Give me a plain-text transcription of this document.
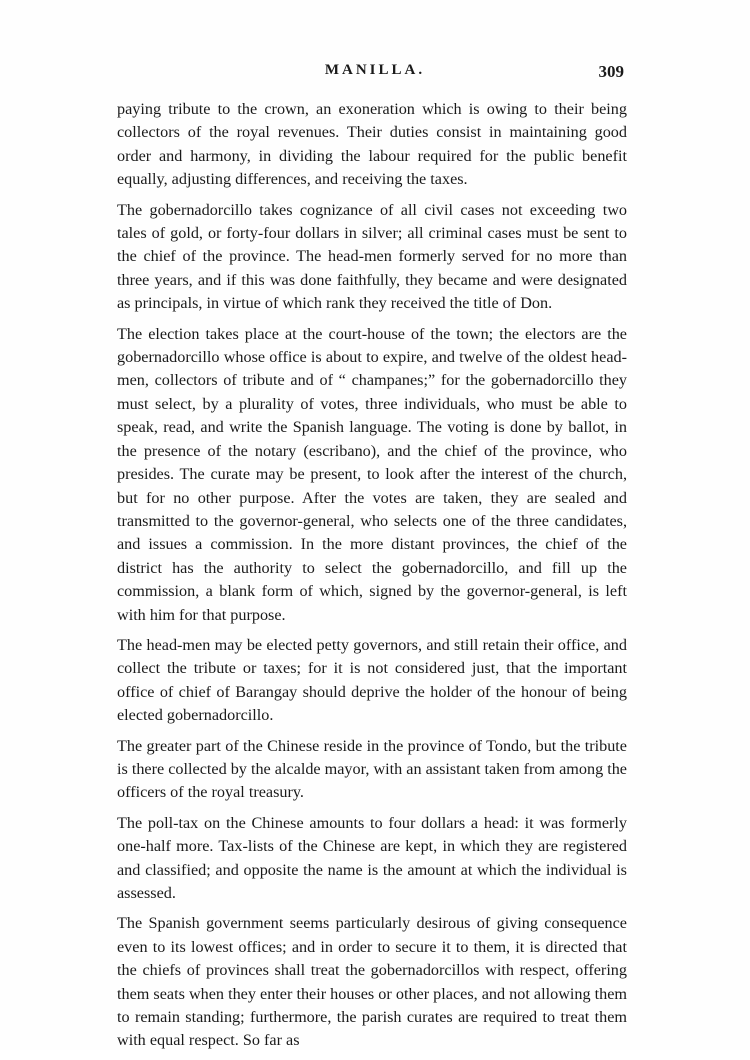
MANILLA.	309

paying tribute to the crown, an exoneration which is owing to their being collectors of the royal revenues. Their duties consist in maintaining good order and harmony, in dividing the labour required for the public benefit equally, adjusting differences, and receiving the taxes.

The gobernadorcillo takes cognizance of all civil cases not exceeding two tales of gold, or forty-four dollars in silver; all criminal cases must be sent to the chief of the province. The head-men formerly served for no more than three years, and if this was done faithfully, they became and were designated as principals, in virtue of which rank they received the title of Don.

The election takes place at the court-house of the town; the electors are the gobernadorcillo whose office is about to expire, and twelve of the oldest head-men, collectors of tribute and of “ champanes;” for the gobernadorcillo they must select, by a plurality of votes, three individuals, who must be able to speak, read, and write the Spanish language. The voting is done by ballot, in the presence of the notary (escribano), and the chief of the province, who presides. The curate may be present, to look after the interest of the church, but for no other purpose. After the votes are taken, they are sealed and transmitted to the governor-general, who selects one of the three candidates, and issues a commission. In the more distant provinces, the chief of the district has the authority to select the gobernadorcillo, and fill up the commission, a blank form of which, signed by the governor-general, is left with him for that purpose.

The head-men may be elected petty governors, and still retain their office, and collect the tribute or taxes; for it is not considered just, that the important office of chief of Barangay should deprive the holder of the honour of being elected gobernadorcillo.

The greater part of the Chinese reside in the province of Tondo, but the tribute is there collected by the alcalde mayor, with an assistant taken from among the officers of the royal treasury.

The poll-tax on the Chinese amounts to four dollars a head: it was formerly one-half more. Tax-lists of the Chinese are kept, in which they are registered and classified; and opposite the name is the amount at which the individual is assessed.

The Spanish government seems particularly desirous of giving consequence even to its lowest offices; and in order to secure it to them, it is directed that the chiefs of provinces shall treat the gobernadorcillos with respect, offering them seats when they enter their houses or other places, and not allowing them to remain standing; furthermore, the parish curates are required to treat them with equal respect. So far as
